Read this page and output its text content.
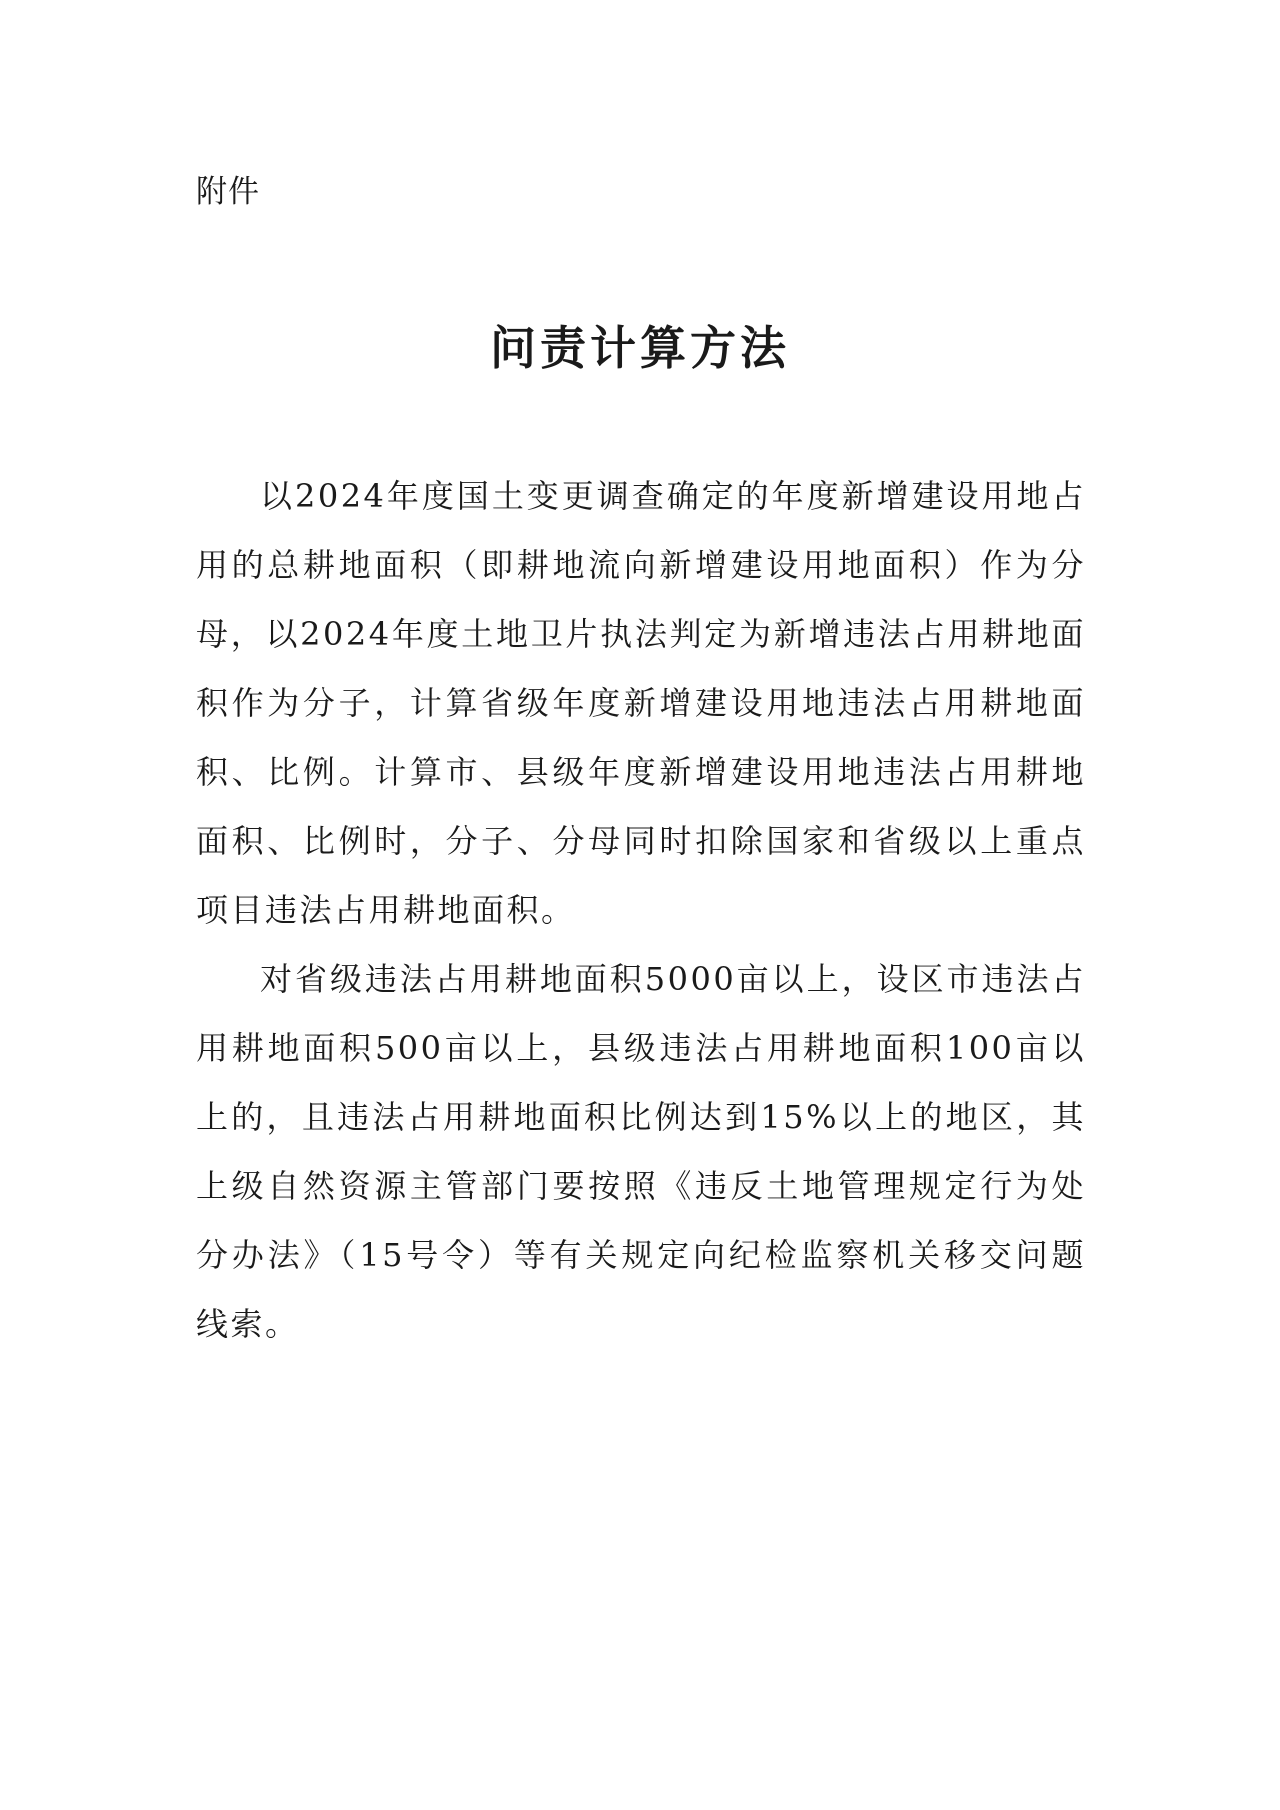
附件
问责计算方法

以2024年度国土变更调查确定的年度新增建设用地占用的总耕地面积（即耕地流向新增建设用地面积）作为分母，以2024年度土地卫片执法判定为新增违法占用耕地面积作为分子，计算省级年度新增建设用地违法占用耕地面积、比例。计算市、县级年度新增建设用地违法占用耕地面积、比例时，分子、分母同时扣除国家和省级以上重点项目违法占用耕地面积。

对省级违法占用耕地面积5000亩以上，设区市违法占用耕地面积500亩以上，县级违法占用耕地面积100亩以上的，且违法占用耕地面积比例达到15%以上的地区，其上级自然资源主管部门要按照《违反土地管理规定行为处分办法》（15号令）等有关规定向纪检监察机关移交问题线索。
